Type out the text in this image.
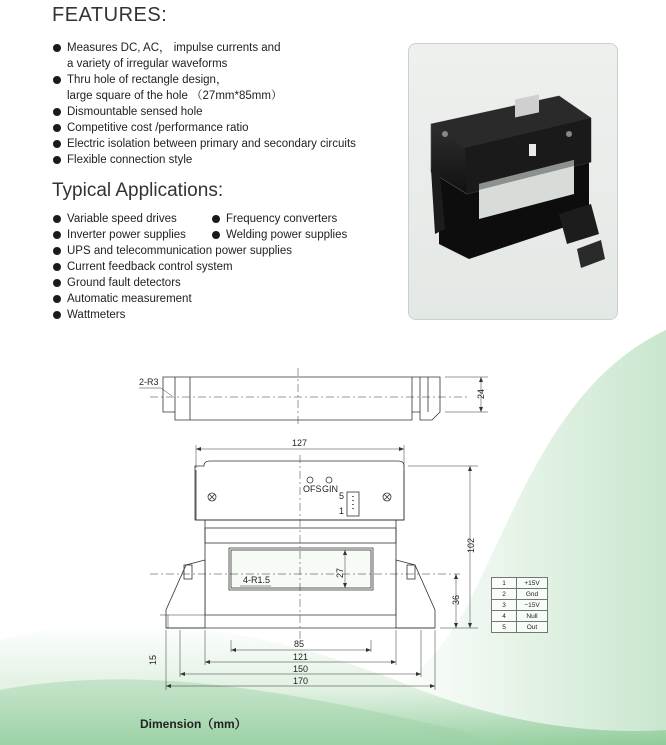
FEATURES:
Measures DC, AC， impulse currents and
a variety of irregular waveforms
Thru hole of rectangle design，
large square of the hole （27mm*85mm）
Dismountable sensed hole
Competitive cost /performance ratio
Electric isolation between primary and secondary circuits
Flexible connection style
Typical Applications:
Variable speed drives
Inverter power supplies
UPS and telecommunication power supplies
Current feedback control system
Ground fault detectors
Automatic measurement
Wattmeters
Frequency converters
Welding power supplies
2-R3
24
127
OFS GIN
5
1
4-R1.5
27
85
102
36
15	121
150
170
1	+15V
2	Gnd
3	−15V
4	Null
5	Out
Dimension（mm）
